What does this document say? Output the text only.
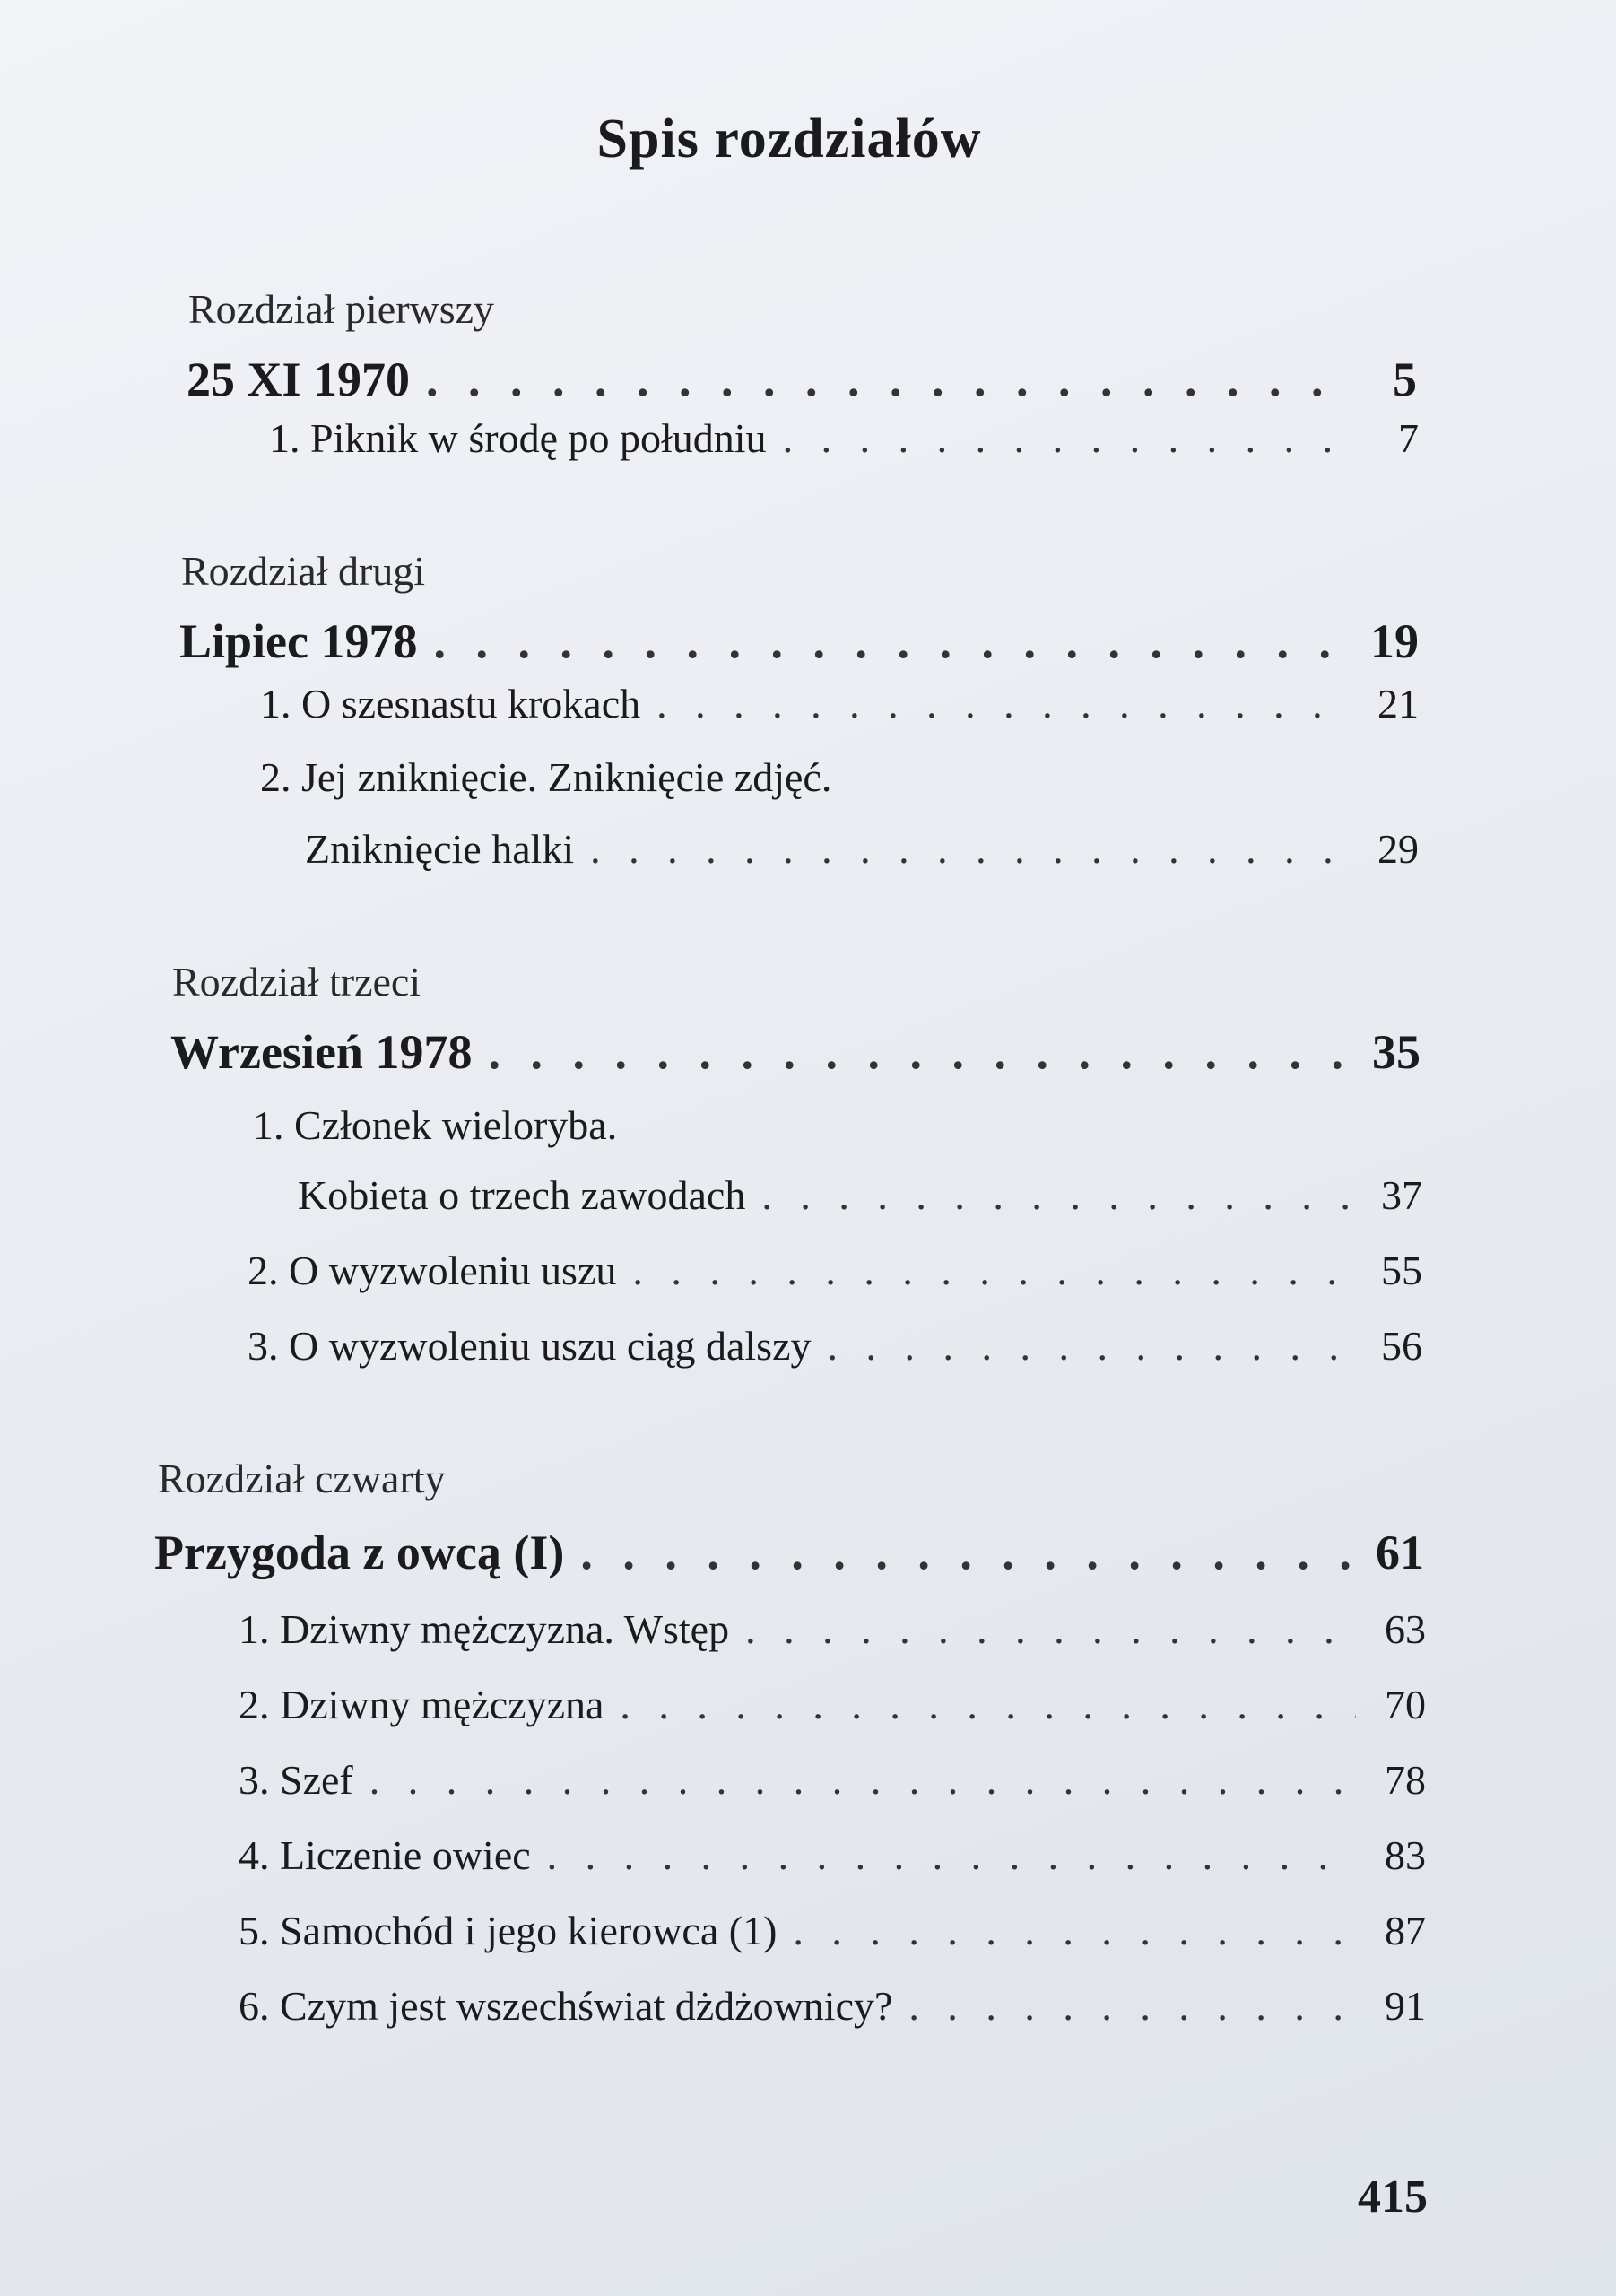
Spis rozdziałów
Rozdział pierwszy
25 XI 1970 . . .	5
1. Piknik w środę po południu . . .	7
Rozdział drugi
Lipiec 1978 . . .	19
1. O szesnastu krokach . . .	21
2. Jej zniknięcie. Zniknięcie zdjęć.
Zniknięcie halki . . .	29
Rozdział trzeci
Wrzesień 1978 . . .	35
1. Członek wieloryba.
Kobieta o trzech zawodach . . .	37
2. O wyzwoleniu uszu . . .	55
3. O wyzwoleniu uszu ciąg dalszy . . .	56
Rozdział czwarty
Przygoda z owcą (I) . . .	61
1. Dziwny mężczyzna. Wstęp . . .	63
2. Dziwny mężczyzna . . .	70
3. Szef . . .	78
4. Liczenie owiec . . .	83
5. Samochód i jego kierowca (1) . . .	87
6. Czym jest wszechświat dżdżownicy? . . .	91
415
